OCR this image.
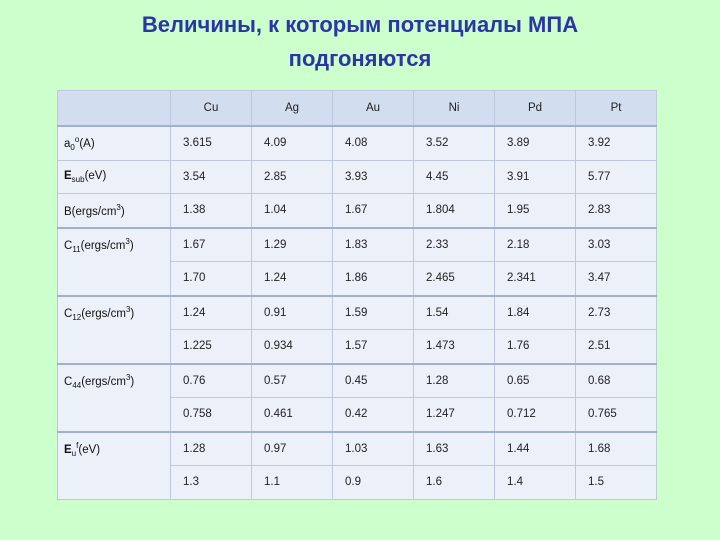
Величины, к которым потенциалы МПА
подгоняются
	Cu	Ag	Au	Ni	Pd	Pt
$a_0^o(A)$	3.615	4.09	4.08	3.52	3.89	3.92
$E_{sub}(eV)$	3.54	2.85	3.93	4.45	3.91	5.77
$B(ergs/cm^3)$	1.38	1.04	1.67	1.804	1.95	2.83
$C_{11}(ergs/cm^3)$	1.67	1.29	1.83	2.33	2.18	3.03
	1.70	1.24	1.86	2.465	2.341	3.47
$C_{12}(ergs/cm^3)$	1.24	0.91	1.59	1.54	1.84	2.73
	1.225	0.934	1.57	1.473	1.76	2.51
$C_{44}(ergs/cm^3)$	0.76	0.57	0.45	1.28	0.65	0.68
	0.758	0.461	0.42	1.247	0.712	0.765
$E_u^f(eV)$	1.28	0.97	1.03	1.63	1.44	1.68
	1.3	1.1	0.9	1.6	1.4	1.5
